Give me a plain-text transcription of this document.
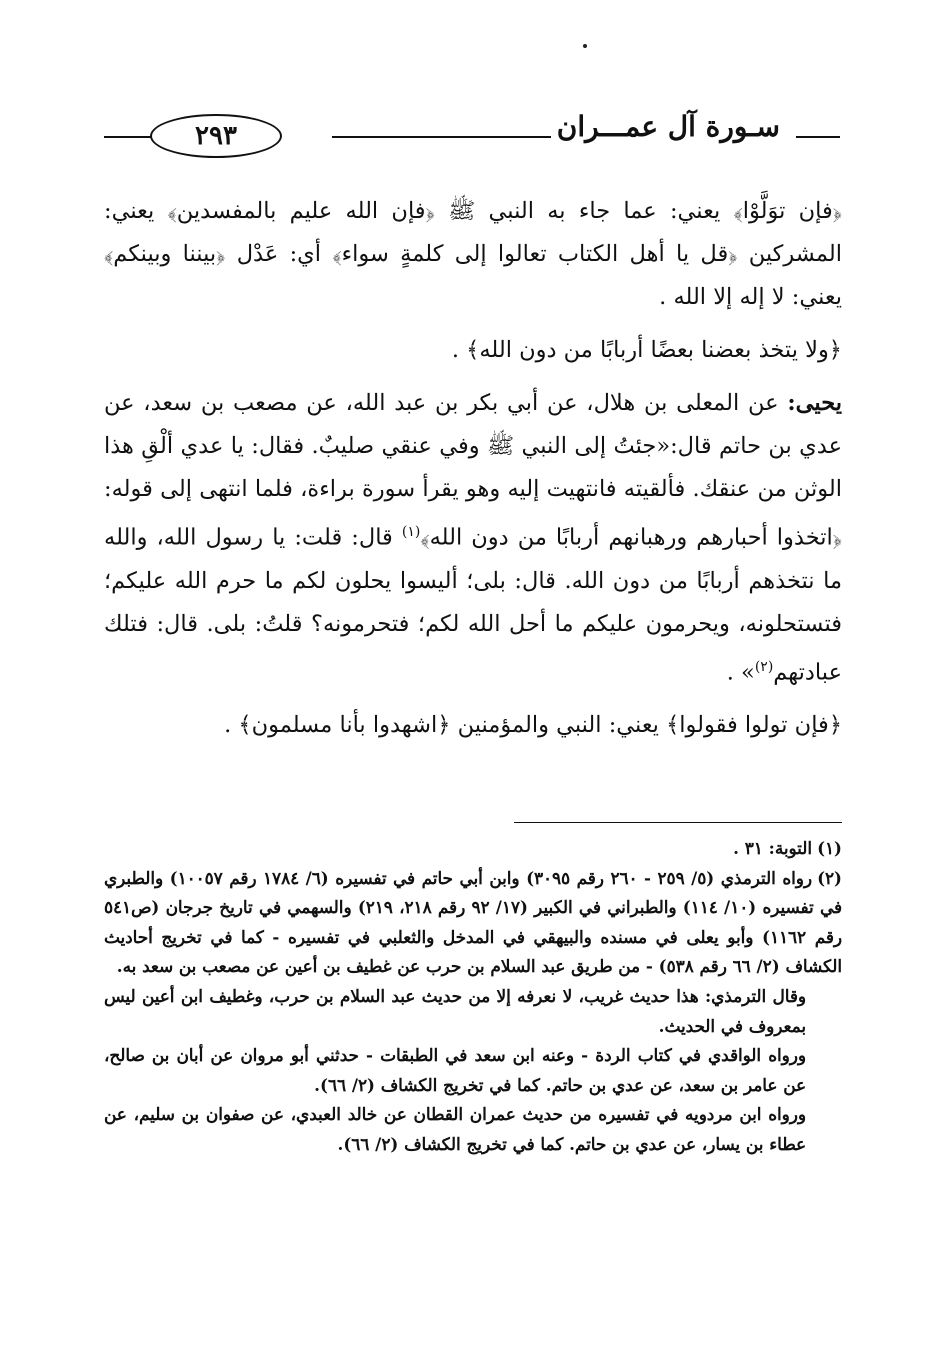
٢٩٣	سـورة آل عمـــران

﴿فإن توَلَّوْا﴾ يعني: عما جاء به النبي ﷺ ﴿فإن الله عليم بالمفسدين﴾ يعني: المشركين ﴿قل يا أهل الكتاب تعالوا إلى كلمةٍ سواء﴾ أي: عَدْل ﴿بيننا وبينكم﴾ يعني: لا إله إلا الله .

﴿ولا يتخذ بعضنا بعضًا أربابًا من دون الله﴾ .

يحيى: عن المعلى بن هلال، عن أبي بكر بن عبد الله، عن مصعب بن سعد، عن عدي بن حاتم قال:«جئتُ إلى النبي ﷺ وفي عنقي صليبٌ. فقال: يا عدي ألْقِ هذا الوثن من عنقك. فألقيته فانتهيت إليه وهو يقرأ سورة براءة، فلما انتهى إلى قوله: ﴿اتخذوا أحبارهم ورهبانهم أربابًا من دون الله﴾$^{(١)}$ قال: قلت: يا رسول الله، والله ما نتخذهم أربابًا من دون الله. قال: بلى؛ أليسوا يحلون لكم ما حرم الله عليكم؛ فتستحلونه، ويحرمون عليكم ما أحل الله لكم؛ فتحرمونه؟ قلتُ: بلى. قال: فتلك عبادتهم$^{(٢)}$» .

﴿فإن تولوا فقولوا﴾ يعني: النبي والمؤمنين ﴿اشهدوا بأنا مسلمون﴾ .

(١)التوبة: ٣١ .

(٢)رواه الترمذي (٥/ ٢٥٩ - ٢٦٠ رقم ٣٠٩٥) وابن أبي حاتم في تفسيره (٦/ ١٧٨٤ رقم ١٠٠٥٧) والطبري في تفسيره (١٠/ ١١٤) والطبراني في الكبير (١٧/ ٩٢ رقم ٢١٨، ٢١٩) والسهمي في تاريخ جرجان (ص٥٤١ رقم ١١٦٢) وأبو يعلى في مسنده والبيهقي في المدخل والثعلبي في تفسيره - كما في تخريج أحاديث الكشاف (٢/ ٦٦ رقم ٥٣٨) - من طريق عبد السلام بن حرب عن غطيف بن أعين عن مصعب بن سعد به.

وقال الترمذي: هذا حديث غريب، لا نعرفه إلا من حديث عبد السلام بن حرب، وغطيف ابن أعين ليس بمعروف في الحديث.

ورواه الواقدي في كتاب الردة - وعنه ابن سعد في الطبقات - حدثني أبو مروان عن أبان بن صالح، عن عامر بن سعد، عن عدي بن حاتم. كما في تخريج الكشاف (٢/ ٦٦).

ورواه ابن مردويه في تفسيره من حديث عمران القطان عن خالد العبدي، عن صفوان بن سليم، عن عطاء بن يسار، عن عدي بن حاتم. كما في تخريج الكشاف (٢/ ٦٦).
